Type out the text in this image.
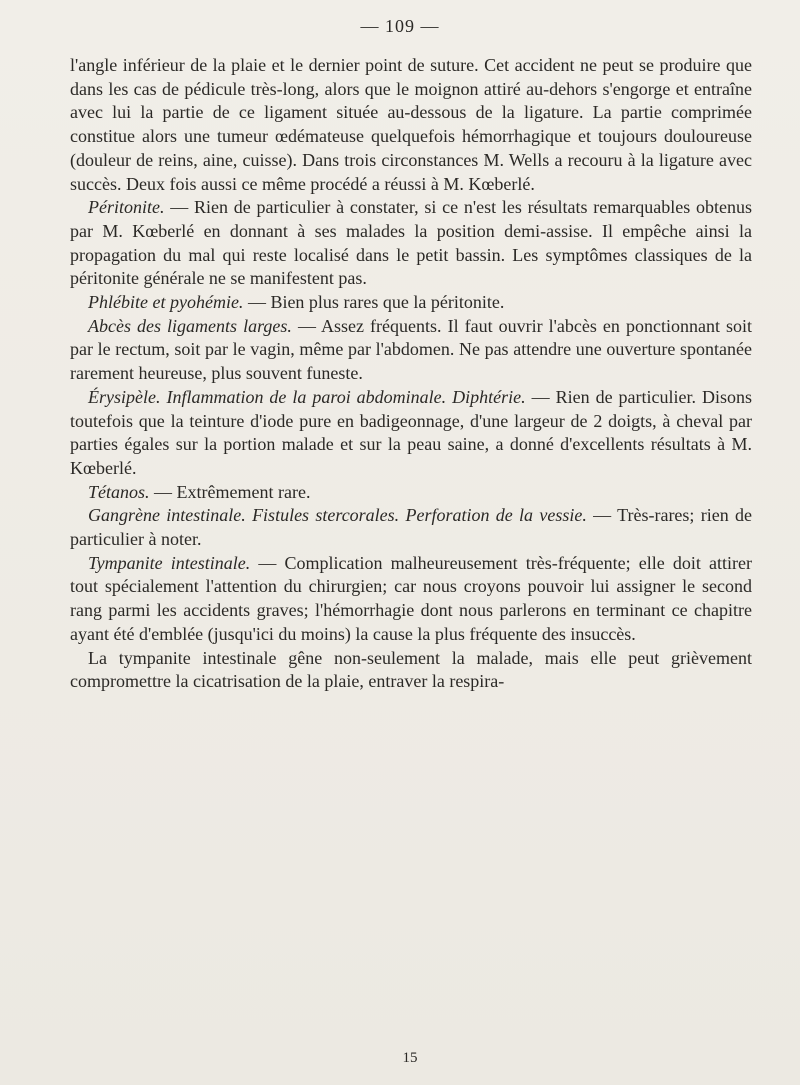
— 109 —

l'angle inférieur de la plaie et le dernier point de suture. Cet accident ne peut se produire que dans les cas de pédicule très-long, alors que le moignon attiré au-dehors s'engorge et entraîne avec lui la partie de ce ligament située au-dessous de la ligature. La partie comprimée constitue alors une tumeur œdémateuse quelquefois hémorrhagique et toujours douloureuse (douleur de reins, aine, cuisse). Dans trois circonstances M. Wells a recouru à la ligature avec succès. Deux fois aussi ce même procédé a réussi à M. Kœberlé.

Péritonite. — Rien de particulier à constater, si ce n'est les résultats remarquables obtenus par M. Kœberlé en donnant à ses malades la position demi-assise. Il empêche ainsi la propagation du mal qui reste localisé dans le petit bassin. Les symptômes classiques de la péritonite générale ne se manifestent pas.

Phlébite et pyohémie. — Bien plus rares que la péritonite.

Abcès des ligaments larges. — Assez fréquents. Il faut ouvrir l'abcès en ponctionnant soit par le rectum, soit par le vagin, même par l'abdomen. Ne pas attendre une ouverture spontanée rarement heureuse, plus souvent funeste.

Érysipèle. Inflammation de la paroi abdominale. Diphtérie. — Rien de particulier. Disons toutefois que la teinture d'iode pure en badigeonnage, d'une largeur de 2 doigts, à cheval par parties égales sur la portion malade et sur la peau saine, a donné d'excellents résultats à M. Kœberlé.

Tétanos. — Extrêmement rare.

Gangrène intestinale. Fistules stercorales. Perforation de la vessie. — Très-rares; rien de particulier à noter.

Tympanite intestinale. — Complication malheureusement très-fréquente; elle doit attirer tout spécialement l'attention du chirurgien; car nous croyons pouvoir lui assigner le second rang parmi les accidents graves; l'hémorrhagie dont nous parlerons en terminant ce chapitre ayant été d'emblée (jusqu'ici du moins) la cause la plus fréquente des insuccès.

La tympanite intestinale gêne non-seulement la malade, mais elle peut grièvement compromettre la cicatrisation de la plaie, entraver la respira-

15
